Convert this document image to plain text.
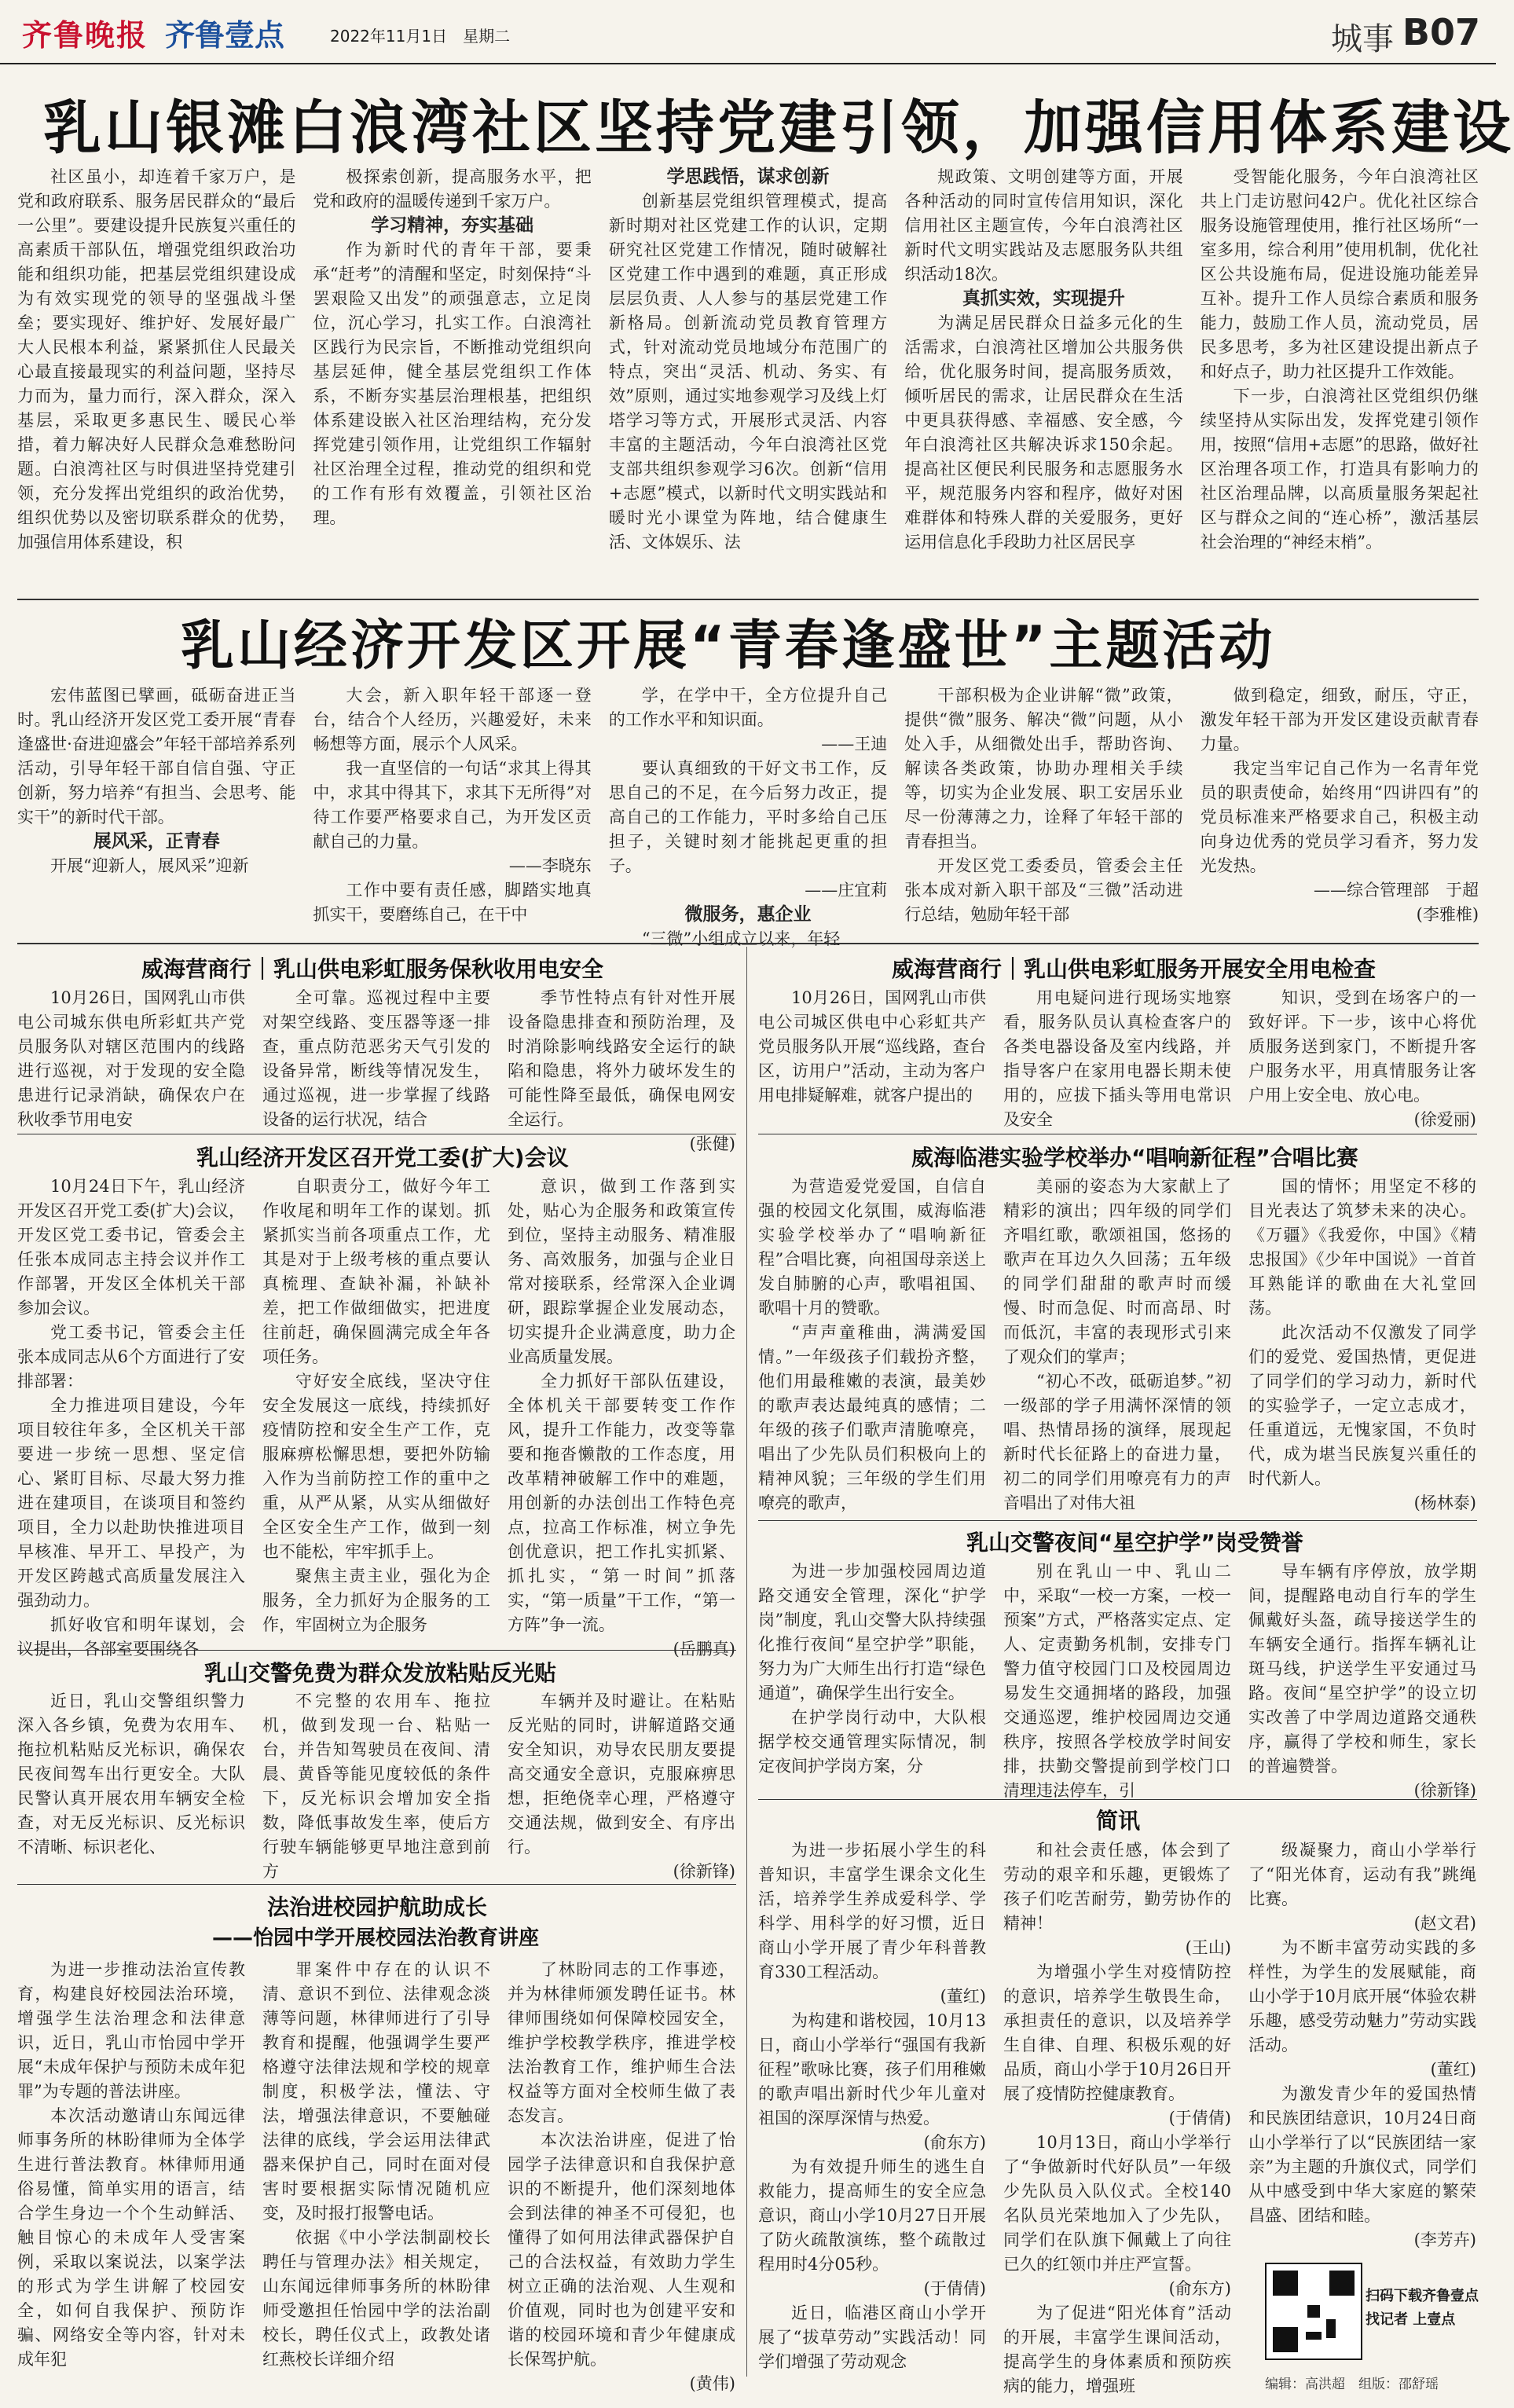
齐鲁晚报 齐鲁壹点	2022年11月1日　 星期二	城事 B07
乳山银滩白浪湾社区坚持党建引领，加强信用体系建设

社区虽小，却连着千家万户，是党和政府联系、服务居民群众的“最后一公里”。要建设提升民族复兴重任的高素质干部队伍，增强党组织政治功能和组织功能，把基层党组织建设成为有效实现党的领导的坚强战斗堡垒；要实现好、维护好、发展好最广大人民根本利益，紧紧抓住人民最关心最直接最现实的利益问题，坚持尽力而为，量力而行，深入群众，深入基层，采取更多惠民生、暖民心举措，着力解决好人民群众急难愁盼问题。白浪湾社区与时俱进坚持党建引领，充分发挥出党组织的政治优势，组织优势以及密切联系群众的优势，加强信用体系建设，积

极探索创新，提高服务水平，把党和政府的温暖传递到千家万户。

学习精神，夯实基础

作为新时代的青年干部，要秉承“赶考”的清醒和坚定，时刻保持“斗罢艰险又出发”的顽强意志，立足岗位，沉心学习，扎实工作。白浪湾社区践行为民宗旨，不断推动党组织向基层延伸，健全基层党组织工作体系，不断夯实基层治理根基，把组织体系建设嵌入社区治理结构，充分发挥党建引领作用，让党组织工作辐射社区治理全过程，推动党的组织和党的工作有形有效覆盖，引领社区治理。

学思践悟，谋求创新

创新基层党组织管理模式，提高新时期对社区党建工作的认识，定期研究社区党建工作情况，随时破解社区党建工作中遇到的难题，真正形成层层负责、人人参与的基层党建工作新格局。创新流动党员教育管理方式，针对流动党员地域分布范围广的特点，突出“灵活、机动、务实、有效”原则，通过实地参观学习及线上灯塔学习等方式，开展形式灵活、内容丰富的主题活动，今年白浪湾社区党支部共组织参观学习6次。创新“信用+志愿”模式，以新时代文明实践站和暖时光小课堂为阵地，结合健康生活、文体娱乐、法

规政策、文明创建等方面，开展各种活动的同时宣传信用知识，深化信用社区主题宣传，今年白浪湾社区新时代文明实践站及志愿服务队共组织活动18次。

真抓实效，实现提升

为满足居民群众日益多元化的生活需求，白浪湾社区增加公共服务供给，优化服务时间，提高服务质效，倾听居民的需求，让居民群众在生活中更具获得感、幸福感、安全感，今年白浪湾社区共解决诉求150余起。提高社区便民利民服务和志愿服务水平，规范服务内容和程序，做好对困难群体和特殊人群的关爱服务，更好运用信息化手段助力社区居民享

受智能化服务，今年白浪湾社区共上门走访慰问42户。优化社区综合服务设施管理使用，推行社区场所“一室多用，综合利用”使用机制，优化社区公共设施布局，促进设施功能差异互补。提升工作人员综合素质和服务能力，鼓励工作人员，流动党员，居民多思考，多为社区建设提出新点子和好点子，助力社区提升工作效能。

下一步，白浪湾社区党组织仍继续坚持从实际出发，发挥党建引领作用，按照“信用+志愿”的思路，做好社区治理各项工作，打造具有影响力的社区治理品牌，以高质量服务架起社区与群众之间的“连心桥”，激活基层社会治理的“神经末梢”。

乳山经济开发区开展“青春逢盛世”主题活动

宏伟蓝图已擘画，砥砺奋进正当时。乳山经济开发区党工委开展“青春逢盛世·奋进迎盛会”年轻干部培养系列活动，引导年轻干部自信自强、守正创新，努力培养“有担当、会思考、能实干”的新时代干部。

展风采，正青春

开展“迎新人，展风采”迎新

大会，新入职年轻干部逐一登台，结合个人经历，兴趣爱好，未来畅想等方面，展示个人风采。

我一直坚信的一句话“求其上得其中，求其中得其下，求其下无所得”对待工作要严格要求自己，为开发区贡献自己的力量。

——李晓东

工作中要有责任感，脚踏实地真抓实干，要磨练自己，在干中

学，在学中干，全方位提升自己的工作水平和知识面。

——王迪

要认真细致的干好文书工作，反思自己的不足，在今后努力改正，提高自己的工作能力，平时多给自己压担子，关键时刻才能挑起更重的担子。

——庄宜莉

微服务，惠企业

“三微”小组成立以来，年轻

干部积极为企业讲解“微”政策，提供“微”服务、解决“微”问题，从小处入手，从细微处出手，帮助咨询、解读各类政策，协助办理相关手续等，切实为企业发展、职工安居乐业尽一份薄薄之力，诠释了年轻干部的青春担当。

开发区党工委委员，管委会主任张本成对新入职干部及“三微”活动进行总结，勉励年轻干部

做到稳定，细致，耐压，守正，激发年轻干部为开发区建设贡献青春力量。

我定当牢记自己作为一名青年党员的职责使命，始终用“四讲四有”的党员标准来严格要求自己，积极主动向身边优秀的党员学习看齐，努力发光发热。

——综合管理部　于超

(李雅椎)

威海营商行｜乳山供电彩虹服务保秋收用电安全

10月26日，国网乳山市供电公司城东供电所彩虹共产党员服务队对辖区范围内的线路进行巡视，对于发现的安全隐患进行记录消缺，确保农户在秋收季节用电安

全可靠。巡视过程中主要对架空线路、变压器等逐一排查，重点防范恶劣天气引发的设备异常，断线等情况发生，通过巡视，进一步掌握了线路设备的运行状况，结合

季节性特点有针对性开展设备隐患排查和预防治理，及时消除影响线路安全运行的缺陷和隐患，将外力破坏发生的可能性降至最低，确保电网安全运行。

(张健)

乳山经济开发区召开党工委(扩大)会议

10月24日下午，乳山经济开发区召开党工委(扩大)会议，开发区党工委书记，管委会主任张本成同志主持会议并作工作部署，开发区全体机关干部参加会议。

党工委书记，管委会主任张本成同志从6个方面进行了安排部署：

全力推进项目建设，今年项目较往年多，全区机关干部要进一步统一思想、坚定信心、紧盯目标、尽最大努力推进在建项目，在谈项目和签约项目，全力以赴助快推进项目早核准、早开工、早投产，为开发区跨越式高质量发展注入强劲动力。

抓好收官和明年谋划，会议提出，各部室要围绕各

自职责分工，做好今年工作收尾和明年工作的谋划。抓紧抓实当前各项重点工作，尤其是对于上级考核的重点要认真梳理、查缺补漏，补缺补差，把工作做细做实，把进度往前赶，确保圆满完成全年各项任务。

守好安全底线，坚决守住安全发展这一底线，持续抓好疫情防控和安全生产工作，克服麻痹松懈思想，要把外防输入作为当前防控工作的重中之重，从严从紧，从实从细做好全区安全生产工作，做到一刻也不能松，牢牢抓手上。

聚焦主责主业，强化为企服务，全力抓好为企服务的工作，牢固树立为企服务

意识，做到工作落到实处，贴心为企服务和政策宣传到位，坚持主动服务、精准服务、高效服务，加强与企业日常对接联系，经常深入企业调研，跟踪掌握企业发展动态，切实提升企业满意度，助力企业高质量发展。

全力抓好干部队伍建设，全体机关干部要转变工作作风，提升工作能力，改变等靠要和拖沓懒散的工作态度，用改革精神破解工作中的难题，用创新的办法创出工作特色亮点，拉高工作标准，树立争先创优意识，把工作扎实抓紧、抓扎实，“第一时间”抓落实，“第一质量”干工作，“第一方阵”争一流。

(岳鹏真)

乳山交警免费为群众发放粘贴反光贴

近日，乳山交警组织警力深入各乡镇，免费为农用车、拖拉机粘贴反光标识，确保农民夜间驾车出行更安全。大队民警认真开展农用车辆安全检查，对无反光标识、反光标识不清晰、标识老化、

不完整的农用车、拖拉机，做到发现一台、粘贴一台，并告知驾驶员在夜间、清晨、黄昏等能见度较低的条件下，反光标识会增加安全指数，降低事故发生率，使后方行驶车辆能够更早地注意到前方

车辆并及时避让。在粘贴反光贴的同时，讲解道路交通安全知识，劝导农民朋友要提高交通安全意识，克服麻痹思想，拒绝侥幸心理，严格遵守交通法规，做到安全、有序出行。

(徐新锋)

法治进校园护航助成长
——怡园中学开展校园法治教育讲座

为进一步推动法治宣传教育，构建良好校园法治环境，增强学生法治理念和法律意识，近日，乳山市怡园中学开展“未成年保护与预防未成年犯罪”为专题的普法讲座。

本次活动邀请山东闻远律师事务所的林盼律师为全体学生进行普法教育。林律师用通俗易懂，简单实用的语言，结合学生身边一个个生动鲜活、触目惊心的未成年人受害案例，采取以案说法，以案学法的形式为学生讲解了校园安全，如何自我保护、预防诈骗、网络安全等内容，针对未成年犯

罪案件中存在的认识不清、意识不到位、法律观念淡薄等问题，林律师进行了引导教育和提醒，他强调学生要严格遵守法律法规和学校的规章制度，积极学法，懂法、守法，增强法律意识，不要触碰法律的底线，学会运用法律武器来保护自己，同时在面对侵害时要根据实际情况随机应变，及时报打报警电话。

依据《中小学法制副校长聘任与管理办法》相关规定，山东闻远律师事务所的林盼律师受邀担任怡园中学的法治副校长，聘任仪式上，政教处诸红燕校长详细介绍

了林盼同志的工作事迹，并为林律师颁发聘任证书。林律师围绕如何保障校园安全，维护学校教学秩序，推进学校法治教育工作，维护师生合法权益等方面对全校师生做了表态发言。

本次法治讲座，促进了怡园学子法律意识和自我保护意识的不断提升，他们深刻地体会到法律的神圣不可侵犯，也懂得了如何用法律武器保护自己的合法权益，有效助力学生树立正确的法治观、人生观和价值观，同时也为创建平安和谐的校园环境和青少年健康成长保驾护航。

(黄伟)

威海营商行｜乳山供电彩虹服务开展安全用电检查

10月26日，国网乳山市供电公司城区供电中心彩虹共产党员服务队开展“巡线路，查台区，访用户”活动，主动为客户用电排疑解难，就客户提出的

用电疑问进行现场实地察看，服务队员认真检查客户的各类电器设备及室内线路，并指导客户在家用电器长期未使用的，应拔下插头等用电常识及安全

知识，受到在场客户的一致好评。下一步，该中心将优质服务送到家门，不断提升客户服务水平，用真情服务让客户用上安全电、放心电。

(徐爱丽)

威海临港实验学校举办“唱响新征程”合唱比赛

为营造爱党爱国，自信自强的校园文化氛围，威海临港实验学校举办了“唱响新征程”合唱比赛，向祖国母亲送上发自肺腑的心声，歌唱祖国、歌唱十月的赞歌。

“声声童稚曲，满满爱国情。”一年级孩子们载扮齐整，他们用最稚嫩的表演，最美妙的歌声表达最纯真的感情；二年级的孩子们歌声清脆嘹亮，唱出了少先队员们积极向上的精神风貌；三年级的学生们用嘹亮的歌声，

美丽的姿态为大家献上了精彩的演出；四年级的同学们齐唱红歌，歌颂祖国，悠扬的歌声在耳边久久回荡；五年级的同学们甜甜的歌声时而缓慢、时而急促、时而高昂、时而低沉，丰富的表现形式引来了观众们的掌声；

“初心不改，砥砺追梦。”初一级部的学子用满怀深情的领唱、热情昂扬的演绎，展现起新时代长征路上的奋进力量，初二的同学们用嘹亮有力的声音唱出了对伟大祖

国的情怀；用坚定不移的目光表达了筑梦未来的决心。《万疆》《我爱你，中国》《精忠报国》《少年中国说》一首首耳熟能详的歌曲在大礼堂回荡。

此次活动不仅激发了同学们的爱党、爱国热情，更促进了同学们的学习动力，新时代的实验学子，一定立志成才，任重道远，无愧家国，不负时代，成为堪当民族复兴重任的时代新人。

(杨林泰)

乳山交警夜间“星空护学”岗受赞誉

为进一步加强校园周边道路交通安全管理，深化“护学岗”制度，乳山交警大队持续强化推行夜间“星空护学”职能，努力为广大师生出行打造“绿色通道”，确保学生出行安全。

在护学岗行动中，大队根据学校交通管理实际情况，制定夜间护学岗方案，分

别在乳山一中、乳山二中，采取“一校一方案，一校一预案”方式，严格落实定点、定人、定责勤务机制，安排专门警力值守校园门口及校园周边易发生交通拥堵的路段，加强交通巡逻，维护校园周边交通秩序，按照各学校放学时间安排，扶勤交警提前到学校门口清理违法停车，引

导车辆有序停放，放学期间，提醒路电动自行车的学生佩戴好头盔，疏导接送学生的车辆安全通行。指挥车辆礼让斑马线，护送学生平安通过马路。夜间“星空护学”的设立切实改善了中学周边道路交通秩序，赢得了学校和师生，家长的普遍赞誉。

(徐新锋)

简讯

为进一步拓展小学生的科普知识，丰富学生课余文化生活，培养学生养成爱科学、学科学、用科学的好习惯，近日商山小学开展了青少年科普教育330工程活动。

(董红)

为构建和谐校园，10月13日，商山小学举行“强国有我新征程”歌咏比赛，孩子们用稚嫩的歌声唱出新时代少年儿童对祖国的深厚深情与热爱。

(俞东方)

为有效提升师生的逃生自救能力，提高师生的安全应急意识，商山小学10月27日开展了防火疏散演练，整个疏散过程用时4分05秒。

(于倩倩)

近日，临港区商山小学开展了“拔草劳动”实践活动！同学们增强了劳动观念

和社会责任感，体会到了劳动的艰辛和乐趣，更锻炼了孩子们吃苦耐劳，勤劳协作的精神！

(王山)

为增强小学生对疫情防控的意识，培养学生敬畏生命，承担责任的意识，以及培养学生自律、自理、积极乐观的好品质，商山小学于10月26日开展了疫情防控健康教育。

(于倩倩)

10月13日，商山小学举行了“争做新时代好队员”一年级少先队员入队仪式。全校140名队员光荣地加入了少先队，同学们在队旗下佩戴上了向往已久的红领巾并庄严宣誓。

(俞东方)

为了促进“阳光体育”活动的开展，丰富学生课间活动，提高学生的身体素质和预防疾病的能力，增强班

级凝聚力，商山小学举行了“阳光体育，运动有我”跳绳比赛。

(赵文君)

为不断丰富劳动实践的多样性，为学生的发展赋能，商山小学于10月底开展“体验农耕乐趣，感受劳动魅力”劳动实践活动。

(董红)

为激发青少年的爱国热情和民族团结意识，10月24日商山小学举行了以“民族团结一家亲”为主题的升旗仪式，同学们从中感受到中华大家庭的繁荣昌盛、团结和睦。

(李芳卉)

扫码下载齐鲁壹点
找记者 上壹点
编辑：高洪超　组版：邵舒瑶
